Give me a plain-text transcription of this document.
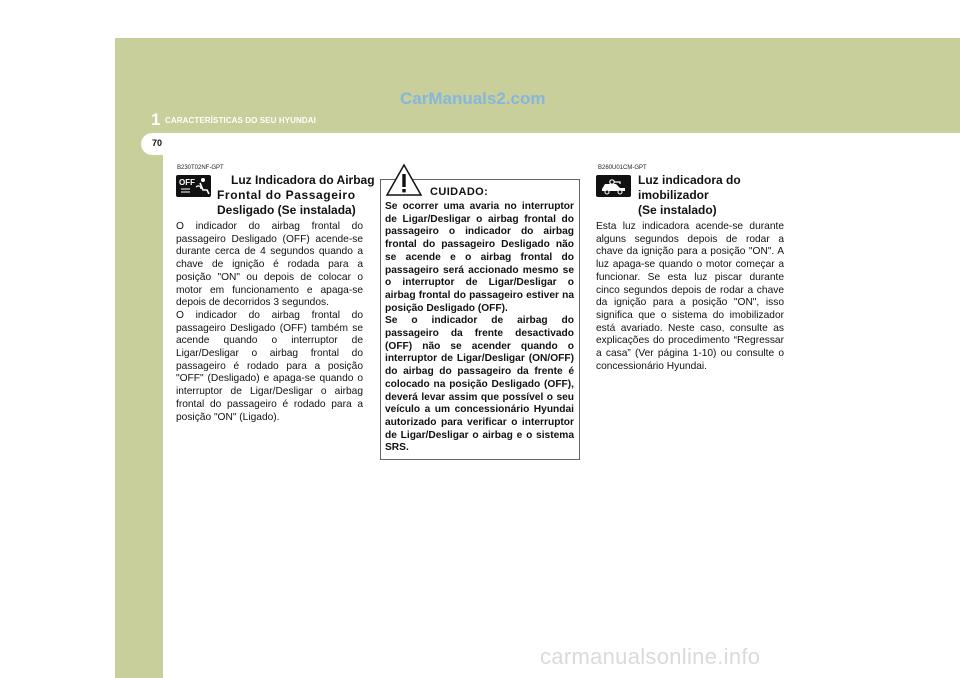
1 CARACTERÍSTICAS DO SEU HYUNDAI
CarManuals2.com
70
B230T02NF-GPT
OFF	Luz Indicadora do Airbag
Frontal do Passageiro
Desligado (Se instalada)
O indicador do airbag frontal do passageiro Desligado (OFF) acende-se durante cerca de 4 segundos quando a chave de ignição é rodada para a posição "ON" ou depois de colocar o motor em funcionamento e apaga-se depois de decorridos 3 segundos.
O indicador do airbag frontal do passageiro Desligado (OFF) também se acende quando o interruptor de Ligar/Desligar o airbag frontal do passageiro é rodado para a posição "OFF" (Desligado) e apaga-se quando o interruptor de Ligar/Desligar o airbag frontal do passageiro é rodado para a posição "ON" (Ligado).
CUIDADO:
Se ocorrer uma avaria no interruptor de Ligar/Desligar o airbag frontal do passageiro o indicador do airbag frontal do passageiro Desligado não se acende e o airbag frontal do passageiro será accionado mesmo se o interruptor de Ligar/Desligar o airbag frontal do passageiro estiver na posição Desligado (OFF).
Se o indicador de airbag do passageiro da frente desactivado (OFF) não se acender quando o interruptor de Ligar/Desligar (ON/OFF) do airbag do passageiro da frente é colocado na posição Desligado (OFF), deverá levar assim que possível o seu veículo a um concessionário Hyundai autorizado para verificar o interruptor de Ligar/Desligar o airbag e o sistema SRS.
B260U01CM-GPT
Luz indicadora do
imobilizador
(Se instalado)
Esta luz indicadora acende-se durante alguns segundos depois de rodar a chave da ignição para a posição "ON". A luz apaga-se quando o motor começar a funcionar. Se esta luz piscar durante cinco segundos depois de rodar a chave da ignição para a posição "ON", isso significa que o sistema do imobilizador está avariado. Neste caso, consulte as explicações do procedimento “Regressar a casa” (Ver página 1-10) ou consulte o concessionário Hyundai.
carmanualsonline.info
